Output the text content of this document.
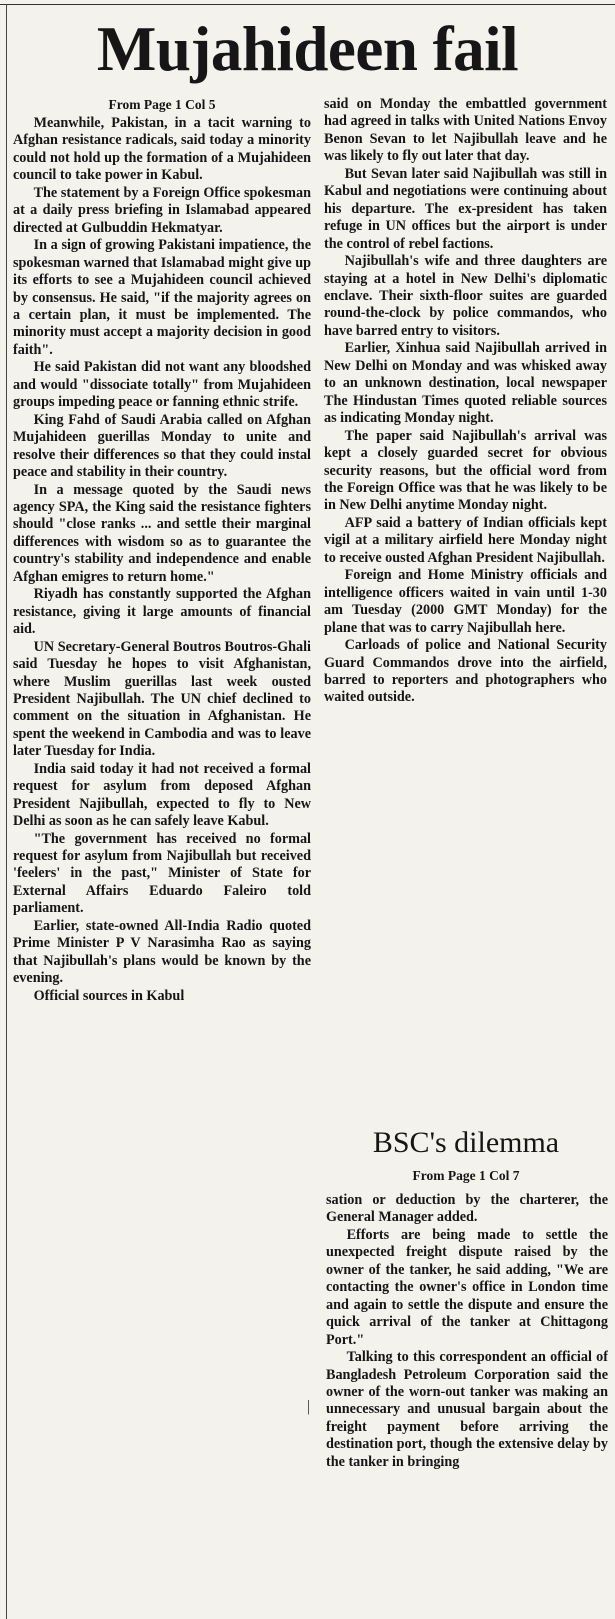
Mujahideen fail
From Page 1 Col 5

Meanwhile, Pakistan, in a tacit warning to Afghan resistance radicals, said today a minority could not hold up the formation of a Mujahideen council to take power in Kabul.

The statement by a Foreign Office spokesman at a daily press briefing in Islamabad appeared directed at Gulbuddin Hekmatyar.

In a sign of growing Pakistani impatience, the spokesman warned that Islamabad might give up its efforts to see a Mujahideen council achieved by consensus. He said, "if the majority agrees on a certain plan, it must be implemented. The minority must accept a majority decision in good faith".

He said Pakistan did not want any bloodshed and would "dissociate totally" from Mujahideen groups impeding peace or fanning ethnic strife.

King Fahd of Saudi Arabia called on Afghan Mujahideen guerillas Monday to unite and resolve their differences so that they could instal peace and stability in their country.

In a message quoted by the Saudi news agency SPA, the King said the resistance fighters should "close ranks ... and settle their marginal differences with wisdom so as to guarantee the country's stability and independence and enable Afghan emigres to return home."

Riyadh has constantly supported the Afghan resistance, giving it large amounts of financial aid.

UN Secretary-General Boutros Boutros-Ghali said Tuesday he hopes to visit Afghanistan, where Muslim guerillas last week ousted President Najibullah. The UN chief declined to comment on the situation in Afghanistan. He spent the weekend in Cambodia and was to leave later Tuesday for India.

India said today it had not received a formal request for asylum from deposed Afghan President Najibullah, expected to fly to New Delhi as soon as he can safely leave Kabul.

"The government has received no formal request for asylum from Najibullah but received 'feelers' in the past," Minister of State for External Affairs Eduardo Faleiro told parliament.

Earlier, state-owned All-India Radio quoted Prime Minister P V Narasimha Rao as saying that Najibullah's plans would be known by the evening.

Official sources in Kabul

|

said on Monday the embattled government had agreed in talks with United Nations Envoy Benon Sevan to let Najibullah leave and he was likely to fly out later that day.

But Sevan later said Najibullah was still in Kabul and negotiations were continuing about his departure. The ex-president has taken refuge in UN offices but the airport is under the control of rebel factions.

Najibullah's wife and three daughters are staying at a hotel in New Delhi's diplomatic enclave. Their sixth-floor suites are guarded round-the-clock by police commandos, who have barred entry to visitors.

Earlier, Xinhua said Najibullah arrived in New Delhi on Monday and was whisked away to an unknown destination, local newspaper The Hindustan Times quoted reliable sources as indicating Monday night.

The paper said Najibullah's arrival was kept a closely guarded secret for obvious security reasons, but the official word from the Foreign Office was that he was likely to be in New Delhi anytime Monday night.

AFP said a battery of Indian officials kept vigil at a military airfield here Monday night to receive ousted Afghan President Najibullah.

Foreign and Home Ministry officials and intelligence officers waited in vain until 1-30 am Tuesday (2000 GMT Monday) for the plane that was to carry Najibullah here.

Carloads of police and National Security Guard Commandos drove into the airfield, barred to reporters and photographers who waited outside.

BSC's dilemma
From Page 1 Col 7

sation or deduction by the charterer, the General Manager added.

Efforts are being made to settle the unexpected freight dispute raised by the owner of the tanker, he said adding, "We are contacting the owner's office in London time and again to settle the dispute and ensure the quick arrival of the tanker at Chittagong Port."

Talking to this correspondent an official of Bangladesh Petroleum Corporation said the owner of the worn-out tanker was making an unnecessary and unusual bargain about the freight payment before arriving the destination port, though the extensive delay by the tanker in bringing
